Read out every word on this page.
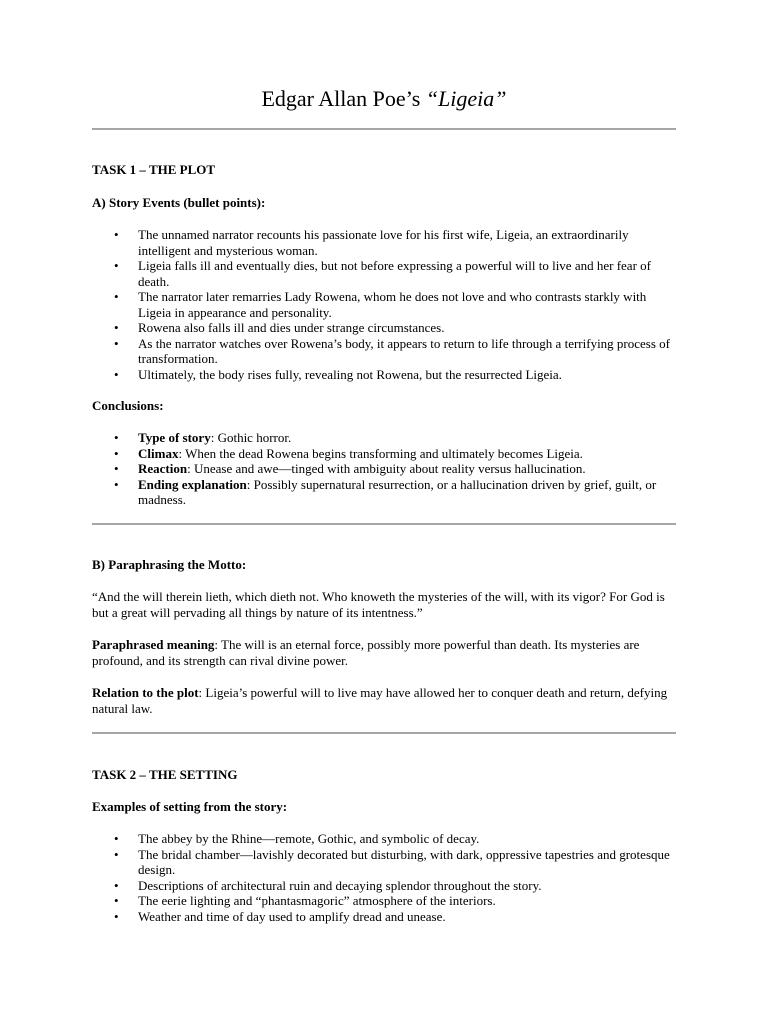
Edgar Allan Poe’s “Ligeia”
TASK 1 – THE PLOT
A) Story Events (bullet points):
• The unnamed narrator recounts his passionate love for his first wife, Ligeia, an extraordinarily intelligent and mysterious woman.
• Ligeia falls ill and eventually dies, but not before expressing a powerful will to live and her fear of death.
• The narrator later remarries Lady Rowena, whom he does not love and who contrasts starkly with Ligeia in appearance and personality.
• Rowena also falls ill and dies under strange circumstances.
• As the narrator watches over Rowena’s body, it appears to return to life through a terrifying process of transformation.
• Ultimately, the body rises fully, revealing not Rowena, but the resurrected Ligeia.
Conclusions:
• Type of story: Gothic horror.
• Climax: When the dead Rowena begins transforming and ultimately becomes Ligeia.
• Reaction: Unease and awe—tinged with ambiguity about reality versus hallucination.
• Ending explanation: Possibly supernatural resurrection, or a hallucination driven by grief, guilt, or madness.
B) Paraphrasing the Motto:

“And the will therein lieth, which dieth not. Who knoweth the mysteries of the will, with its vigor? For God is but a great will pervading all things by nature of its intentness.”

Paraphrased meaning: The will is an eternal force, possibly more powerful than death. Its mysteries are profound, and its strength can rival divine power.

Relation to the plot: Ligeia’s powerful will to live may have allowed her to conquer death and return, defying natural law.

TASK 2 – THE SETTING
Examples of setting from the story:
• The abbey by the Rhine—remote, Gothic, and symbolic of decay.
• The bridal chamber—lavishly decorated but disturbing, with dark, oppressive tapestries and grotesque design.
• Descriptions of architectural ruin and decaying splendor throughout the story.
• The eerie lighting and “phantasmagoric” atmosphere of the interiors.
• Weather and time of day used to amplify dread and unease.
